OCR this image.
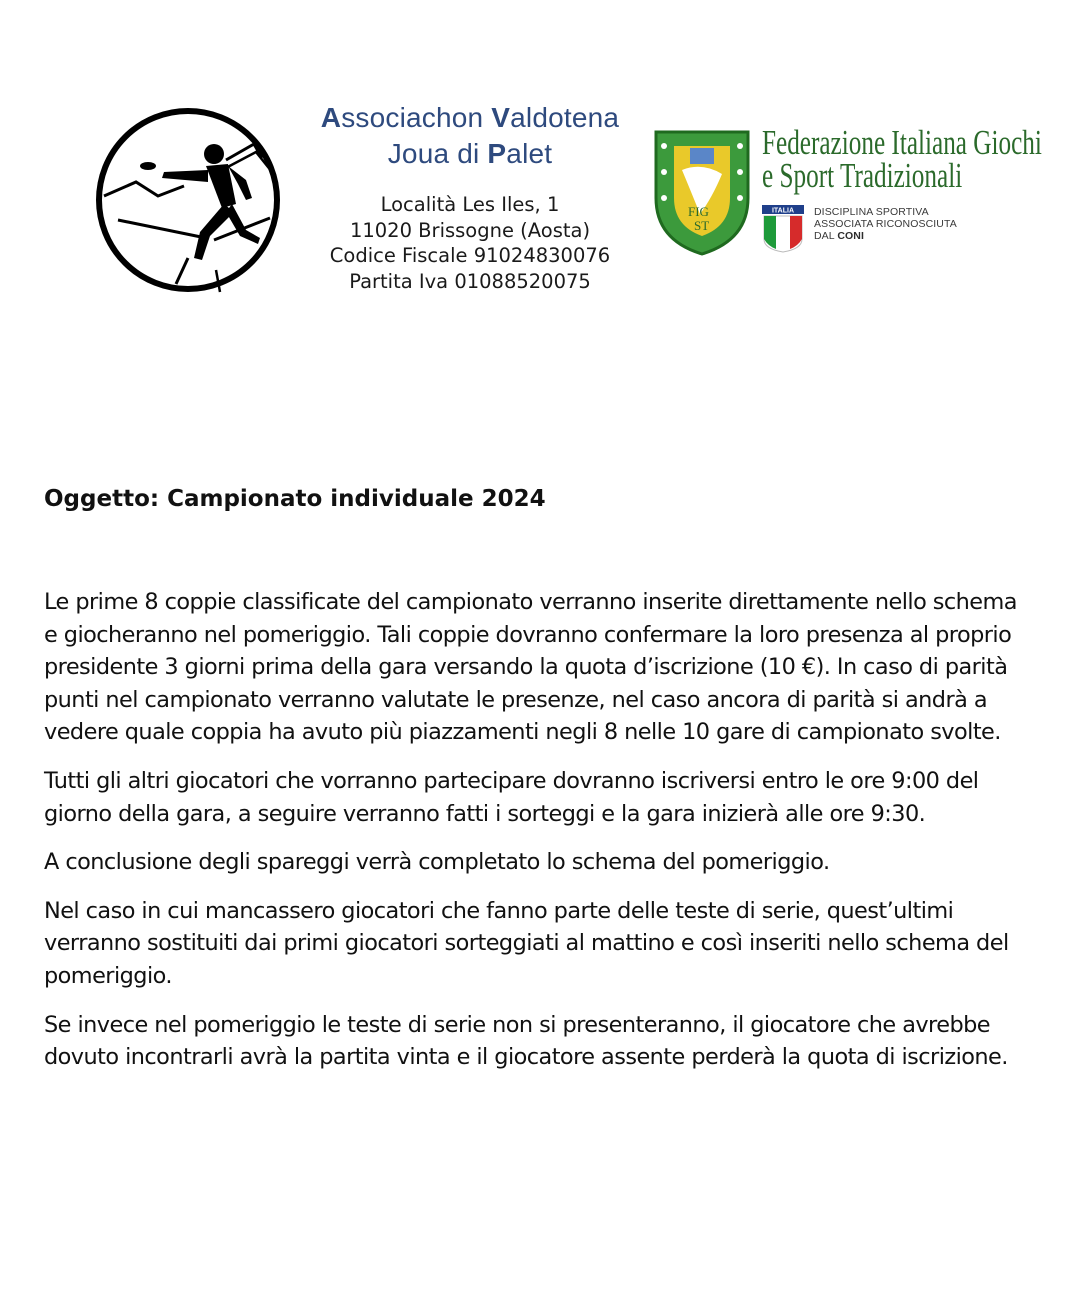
Associachon Valdotena
Joua di Palet
Località Les Iles, 1
11020 Brissogne (Aosta)
Codice Fiscale 91024830076
Partita Iva 01088520075
FIG
ST
Federazione Italiana Giochi
e Sport Tradizionali
ITALIA DISCIPLINA SPORTIVA
ASSOCIATA RICONOSCIUTA
DAL CONI
Oggetto: Campionato individuale 2024

Le prime 8 coppie classificate del campionato verranno inserite direttamente nello schema
e giocheranno nel pomeriggio. Tali coppie dovranno confermare la loro presenza al proprio
presidente 3 giorni prima della gara versando la quota d’iscrizione (10 €). In caso di parità
punti nel campionato verranno valutate le presenze, nel caso ancora di parità si andrà a
vedere quale coppia ha avuto più piazzamenti negli 8 nelle 10 gare di campionato svolte.

Tutti gli altri giocatori che vorranno partecipare dovranno iscriversi entro le ore 9:00 del
giorno della gara, a seguire verranno fatti i sorteggi e la gara inizierà alle ore 9:30.

A conclusione degli spareggi verrà completato lo schema del pomeriggio.

Nel caso in cui mancassero giocatori che fanno parte delle teste di serie, quest’ultimi
verranno sostituiti dai primi giocatori sorteggiati al mattino e così inseriti nello schema del
pomeriggio.

Se invece nel pomeriggio le teste di serie non si presenteranno, il giocatore che avrebbe
dovuto incontrarli avrà la partita vinta e il giocatore assente perderà la quota di iscrizione.
